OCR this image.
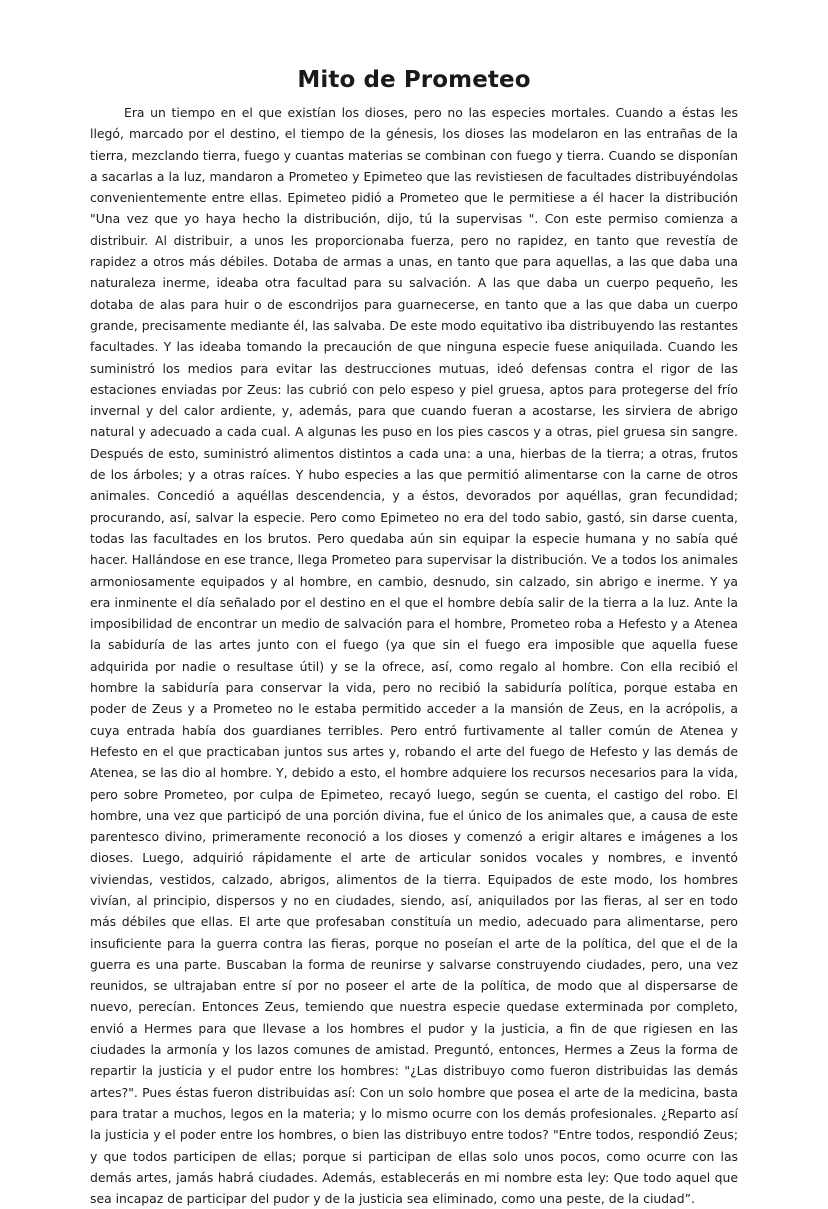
Mito de Prometeo

Era un tiempo en el que existían los dioses, pero no las especies mortales. Cuando a éstas les llegó, marcado por el destino, el tiempo de la génesis, los dioses las modelaron en las entrañas de la tierra, mezclando tierra, fuego y cuantas materias se combinan con fuego y tierra. Cuando se disponían a sacarlas a la luz, mandaron a Prometeo y Epimeteo que las revistiesen de facultades distribuyéndolas convenientemente entre ellas. Epimeteo pidió a Prometeo que le permitiese a él hacer la distribución "Una vez que yo haya hecho la distribución, dijo, tú la supervisas ". Con este permiso comienza a distribuir. Al distribuir, a unos les proporcionaba fuerza, pero no rapidez, en tanto que revestía de rapidez a otros más débiles. Dotaba de armas a unas, en tanto que para aquellas, a las que daba una naturaleza inerme, ideaba otra facultad para su salvación. A las que daba un cuerpo pequeño, les dotaba de alas para huir o de escondrijos para guarnecerse, en tanto que a las que daba un cuerpo grande, precisamente mediante él, las salvaba. De este modo equitativo iba distribuyendo las restantes facultades. Y las ideaba tomando la precaución de que ninguna especie fuese aniquilada. Cuando les suministró los medios para evitar las destrucciones mutuas, ideó defensas contra el rigor de las estaciones enviadas por Zeus: las cubrió con pelo espeso y piel gruesa, aptos para protegerse del frío invernal y del calor ardiente, y, además, para que cuando fueran a acostarse, les sirviera de abrigo natural y adecuado a cada cual. A algunas les puso en los pies cascos y a otras, piel gruesa sin sangre. Después de esto, suministró alimentos distintos a cada una: a una, hierbas de la tierra; a otras, frutos de los árboles; y a otras raíces. Y hubo especies a las que permitió alimentarse con la carne de otros animales. Concedió a aquéllas descendencia, y a éstos, devorados por aquéllas, gran fecundidad; procurando, así, salvar la especie. Pero como Epimeteo no era del todo sabio, gastó, sin darse cuenta, todas las facultades en los brutos. Pero quedaba aún sin equipar la especie humana y no sabía qué hacer. Hallándose en ese trance, llega Prometeo para supervisar la distribución. Ve a todos los animales armoniosamente equipados y al hombre, en cambio, desnudo, sin calzado, sin abrigo e inerme. Y ya era inminente el día señalado por el destino en el que el hombre debía salir de la tierra a la luz. Ante la imposibilidad de encontrar un medio de salvación para el hombre, Prometeo roba a Hefesto y a Atenea la sabiduría de las artes junto con el fuego (ya que sin el fuego era imposible que aquella fuese adquirida por nadie o resultase útil) y se la ofrece, así, como regalo al hombre. Con ella recibió el hombre la sabiduría para conservar la vida, pero no recibió la sabiduría política, porque estaba en poder de Zeus y a Prometeo no le estaba permitido acceder a la mansión de Zeus, en la acrópolis, a cuya entrada había dos guardianes terribles. Pero entró furtivamente al taller común de Atenea y Hefesto en el que practicaban juntos sus artes y, robando el arte del fuego de Hefesto y las demás de Atenea, se las dio al hombre. Y, debido a esto, el hombre adquiere los recursos necesarios para la vida, pero sobre Prometeo, por culpa de Epimeteo, recayó luego, según se cuenta, el castigo del robo. El hombre, una vez que participó de una porción divina, fue el único de los animales que, a causa de este parentesco divino, primeramente reconoció a los dioses y comenzó a erigir altares e imágenes a los dioses. Luego, adquirió rápidamente el arte de articular sonidos vocales y nombres, e inventó viviendas, vestidos, calzado, abrigos, alimentos de la tierra. Equipados de este modo, los hombres vivían, al principio, dispersos y no en ciudades, siendo, así, aniquilados por las fieras, al ser en todo más débiles que ellas. El arte que profesaban constituía un medio, adecuado para alimentarse, pero insuficiente para la guerra contra las fieras, porque no poseían el arte de la política, del que el de la guerra es una parte. Buscaban la forma de reunirse y salvarse construyendo ciudades, pero, una vez reunidos, se ultrajaban entre sí por no poseer el arte de la política, de modo que al dispersarse de nuevo, perecían. Entonces Zeus, temiendo que nuestra especie quedase exterminada por completo, envió a Hermes para que llevase a los hombres el pudor y la justicia, a fin de que rigiesen en las ciudades la armonía y los lazos comunes de amistad. Preguntó, entonces, Hermes a Zeus la forma de repartir la justicia y el pudor entre los hombres: "¿Las distribuyo como fueron distribuidas las demás artes?". Pues éstas fueron distribuidas así: Con un solo hombre que posea el arte de la medicina, basta para tratar a muchos, legos en la materia; y lo mismo ocurre con los demás profesionales. ¿Reparto así la justicia y el poder entre los hombres, o bien las distribuyo entre todos? "Entre todos, respondió Zeus; y que todos participen de ellas; porque si participan de ellas solo unos pocos, como ocurre con las demás artes, jamás habrá ciudades. Además, establecerás en mi nombre esta ley: Que todo aquel que sea incapaz de participar del pudor y de la justicia sea eliminado, como una peste, de la ciudad”.
